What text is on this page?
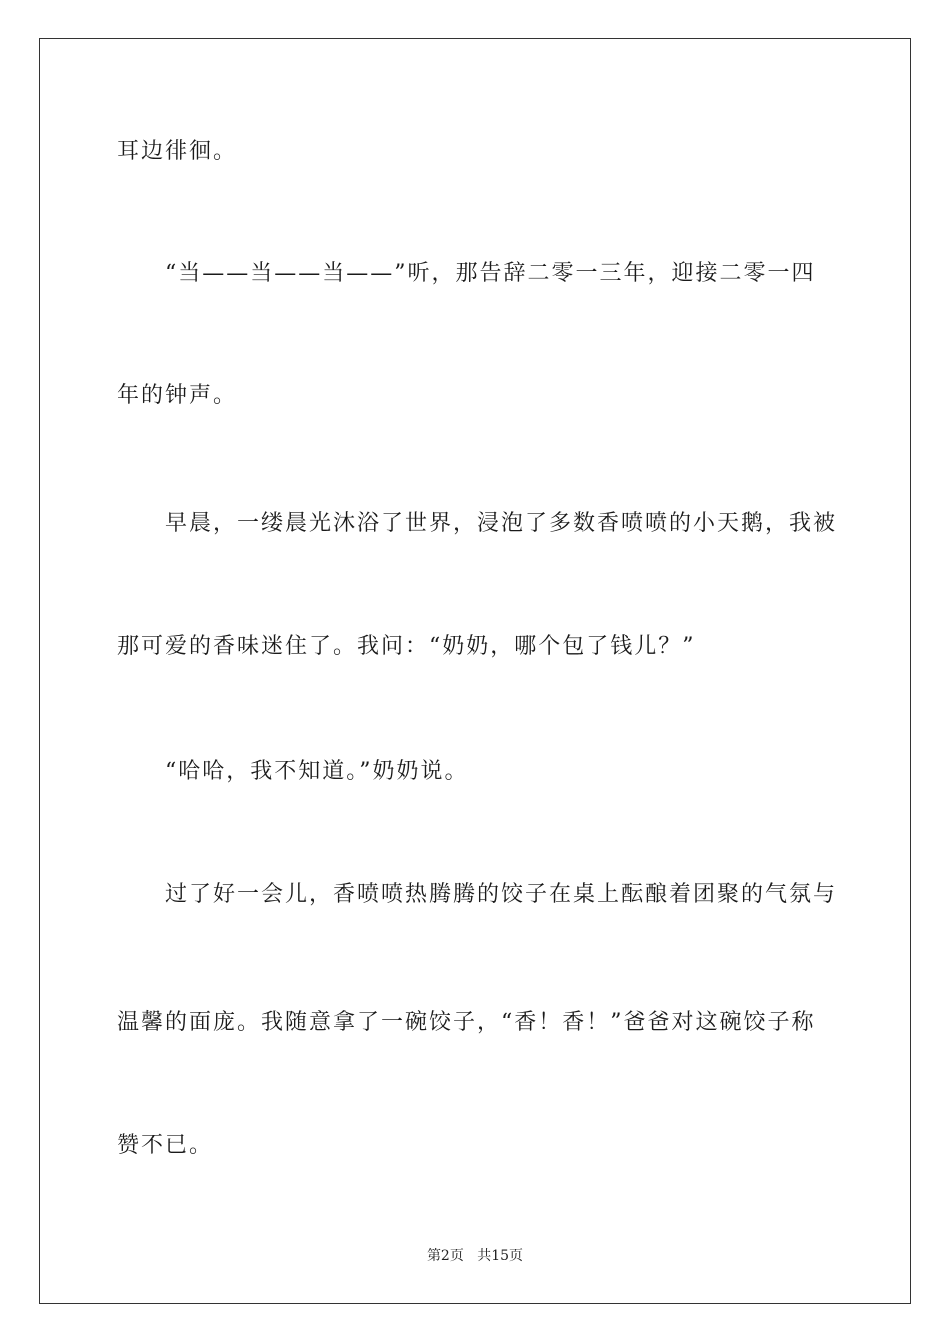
耳边徘徊。
“当——当——当——”听，那告辞二零一三年，迎接二零一四
年的钟声。
早晨，一缕晨光沐浴了世界，浸泡了多数香喷喷的小天鹅，我被
那可爱的香味迷住了。我问：“奶奶，哪个包了钱儿？”
“哈哈，我不知道。”奶奶说。
过了好一会儿，香喷喷热腾腾的饺子在桌上酝酿着团聚的气氛与
温馨的面庞。我随意拿了一碗饺子，“香！香！”爸爸对这碗饺子称
赞不已。
第2页 共15页
